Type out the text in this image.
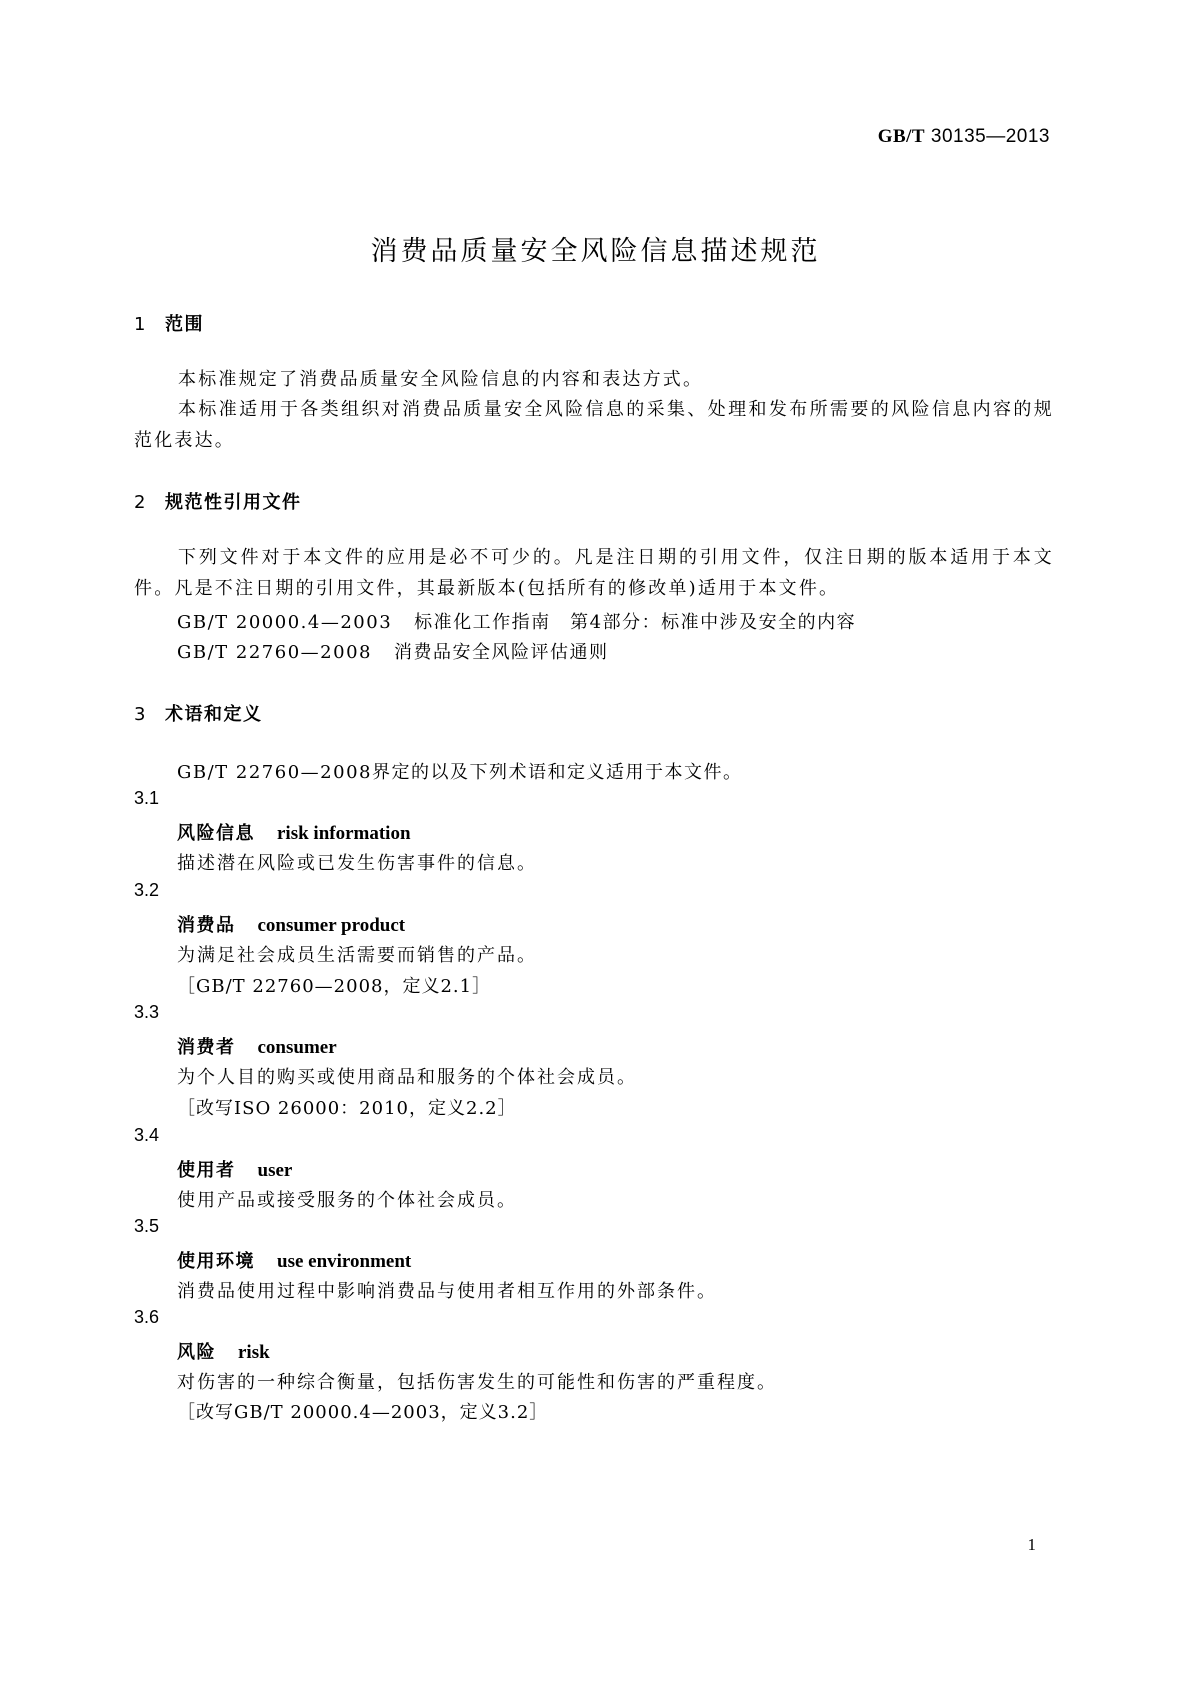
GB/T 30135—2013
消费品质量安全风险信息描述规范
1 范围
本标准规定了消费品质量安全风险信息的内容和表达方式。
本标准适用于各类组织对消费品质量安全风险信息的采集、处理和发布所需要的风险信息内容的规范化表达。
2 规范性引用文件
下列文件对于本文件的应用是必不可少的。凡是注日期的引用文件，仅注日期的版本适用于本文件。凡是不注日期的引用文件，其最新版本(包括所有的修改单)适用于本文件。
GB/T 20000.4—2003 标准化工作指南　第4部分：标准中涉及安全的内容
GB/T 22760—2008 消费品安全风险评估通则
3 术语和定义
GB/T 22760—2008界定的以及下列术语和定义适用于本文件。
3.1
风险信息 risk information
描述潜在风险或已发生伤害事件的信息。
3.2
消费品 consumer product
为满足社会成员生活需要而销售的产品。
［GB/T 22760—2008，定义2.1］
3.3
消费者 consumer
为个人目的购买或使用商品和服务的个体社会成员。
［改写ISO 26000：2010，定义2.2］
3.4
使用者 user
使用产品或接受服务的个体社会成员。
3.5
使用环境 use environment
消费品使用过程中影响消费品与使用者相互作用的外部条件。
3.6
风险 risk
对伤害的一种综合衡量，包括伤害发生的可能性和伤害的严重程度。
［改写GB/T 20000.4—2003，定义3.2］
1
